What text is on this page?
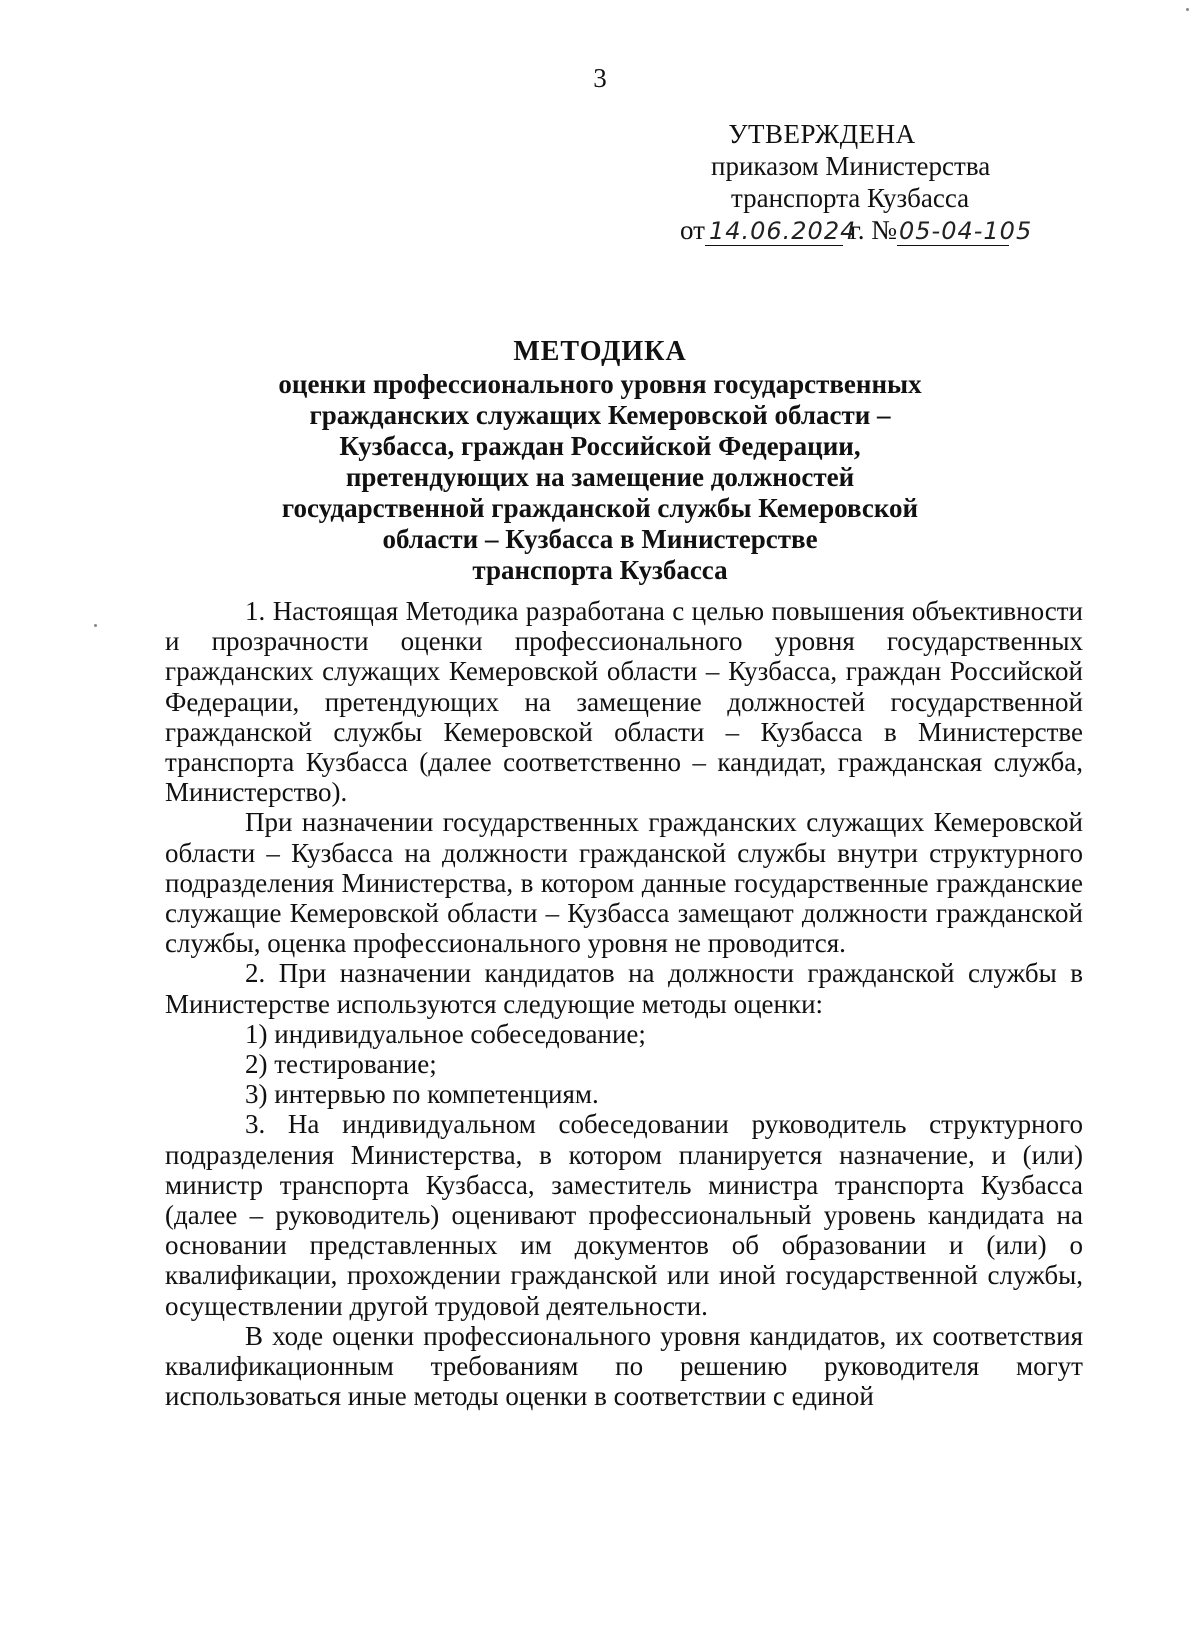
3
УТВЕРЖДЕНА
приказом Министерства
транспорта Кузбасса
от 14.06.2024
г. № 05-04-105
МЕТОДИКА
оценки профессионального уровня государственных
гражданских служащих Кемеровской области –
Кузбасса, граждан Российской Федерации,
претендующих на замещение должностей
государственной гражданской службы Кемеровской
области – Кузбасса в Министерстве
транспорта Кузбасса

1. Настоящая Методика разработана с целью повышения объективности и прозрачности оценки профессионального уровня государственных гражданских служащих Кемеровской области – Кузбасса, граждан Российской Федерации, претендующих на замещение должностей государственной гражданской службы Кемеровской области – Кузбасса в Министерстве транспорта Кузбасса (далее соответственно – кандидат, гражданская служба, Министерство).

При назначении государственных гражданских служащих Кемеровской области – Кузбасса на должности гражданской службы внутри структурного подразделения Министерства, в котором данные государственные гражданские служащие Кемеровской области – Кузбасса замещают должности гражданской службы, оценка профессионального уровня не проводится.

2. При назначении кандидатов на должности гражданской службы в Министерстве используются следующие методы оценки:

1) индивидуальное собеседование;

2) тестирование;

3) интервью по компетенциям.

3. На индивидуальном собеседовании руководитель структурного подразделения Министерства, в котором планируется назначение, и (или) министр транспорта Кузбасса, заместитель министра транспорта Кузбасса (далее – руководитель) оценивают профессиональный уровень кандидата на основании представленных им документов об образовании и (или) о квалификации, прохождении гражданской или иной государственной службы, осуществлении другой трудовой деятельности.

В ходе оценки профессионального уровня кандидатов, их соответствия квалификационным требованиям по решению руководителя могут использоваться иные методы оценки в соответствии с единой
